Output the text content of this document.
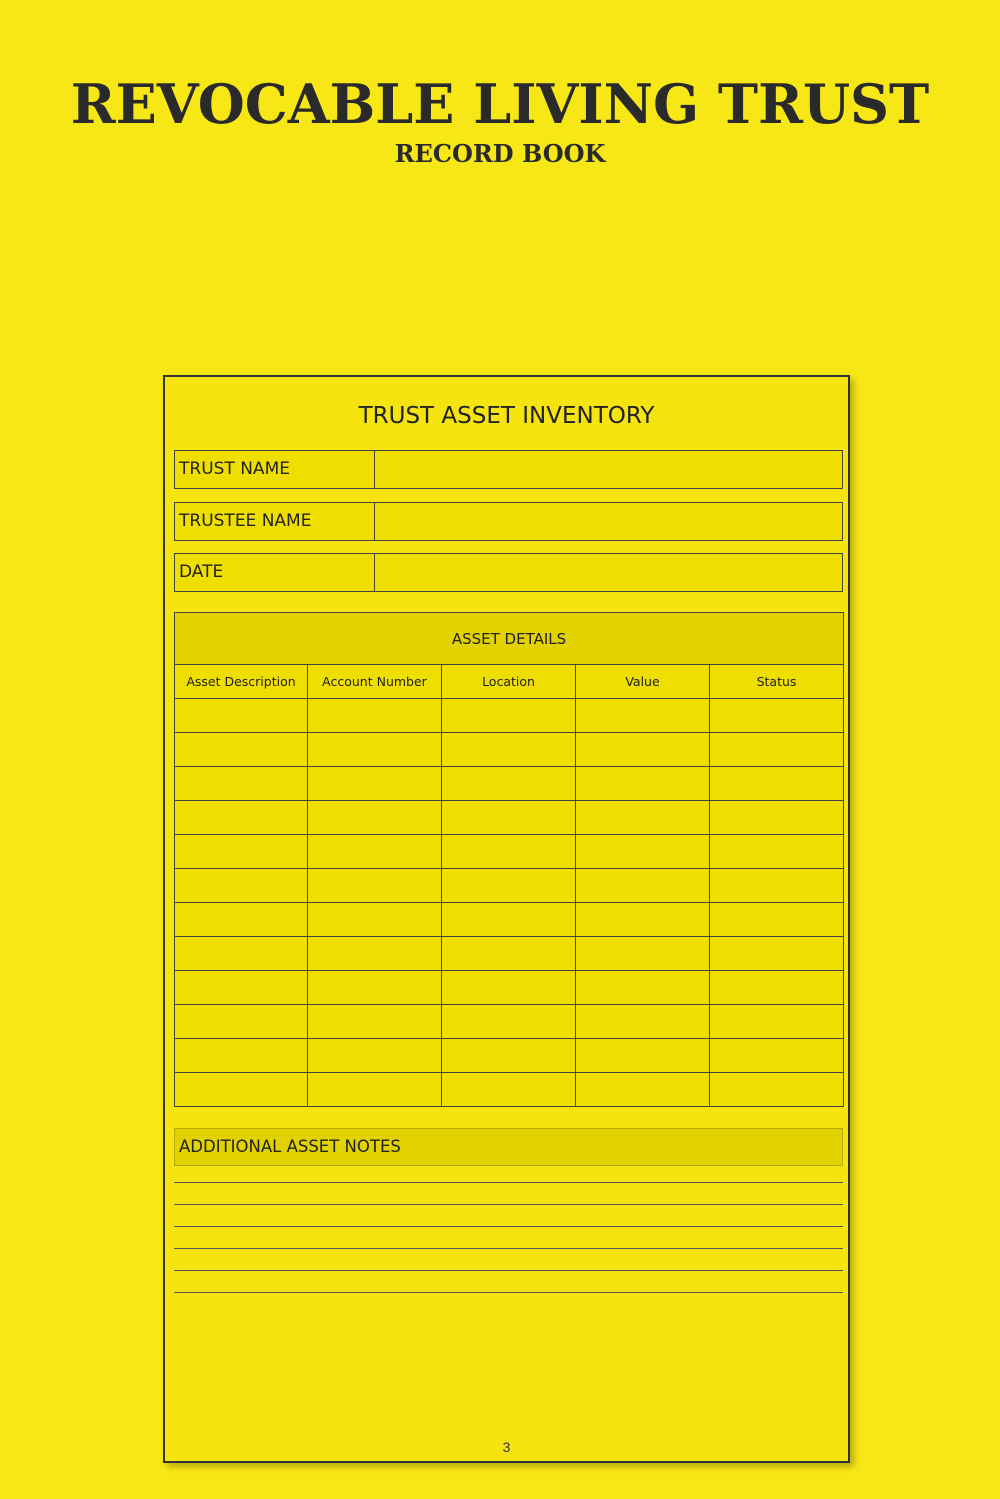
REVOCABLE LIVING TRUST
RECORD BOOK
TRUST ASSET INVENTORY
TRUST NAME
TRUSTEE NAME
DATE
ASSET DETAILS				
Asset Description	Account Number	Location	Value	Status

ADDITIONAL ASSET NOTES
3
